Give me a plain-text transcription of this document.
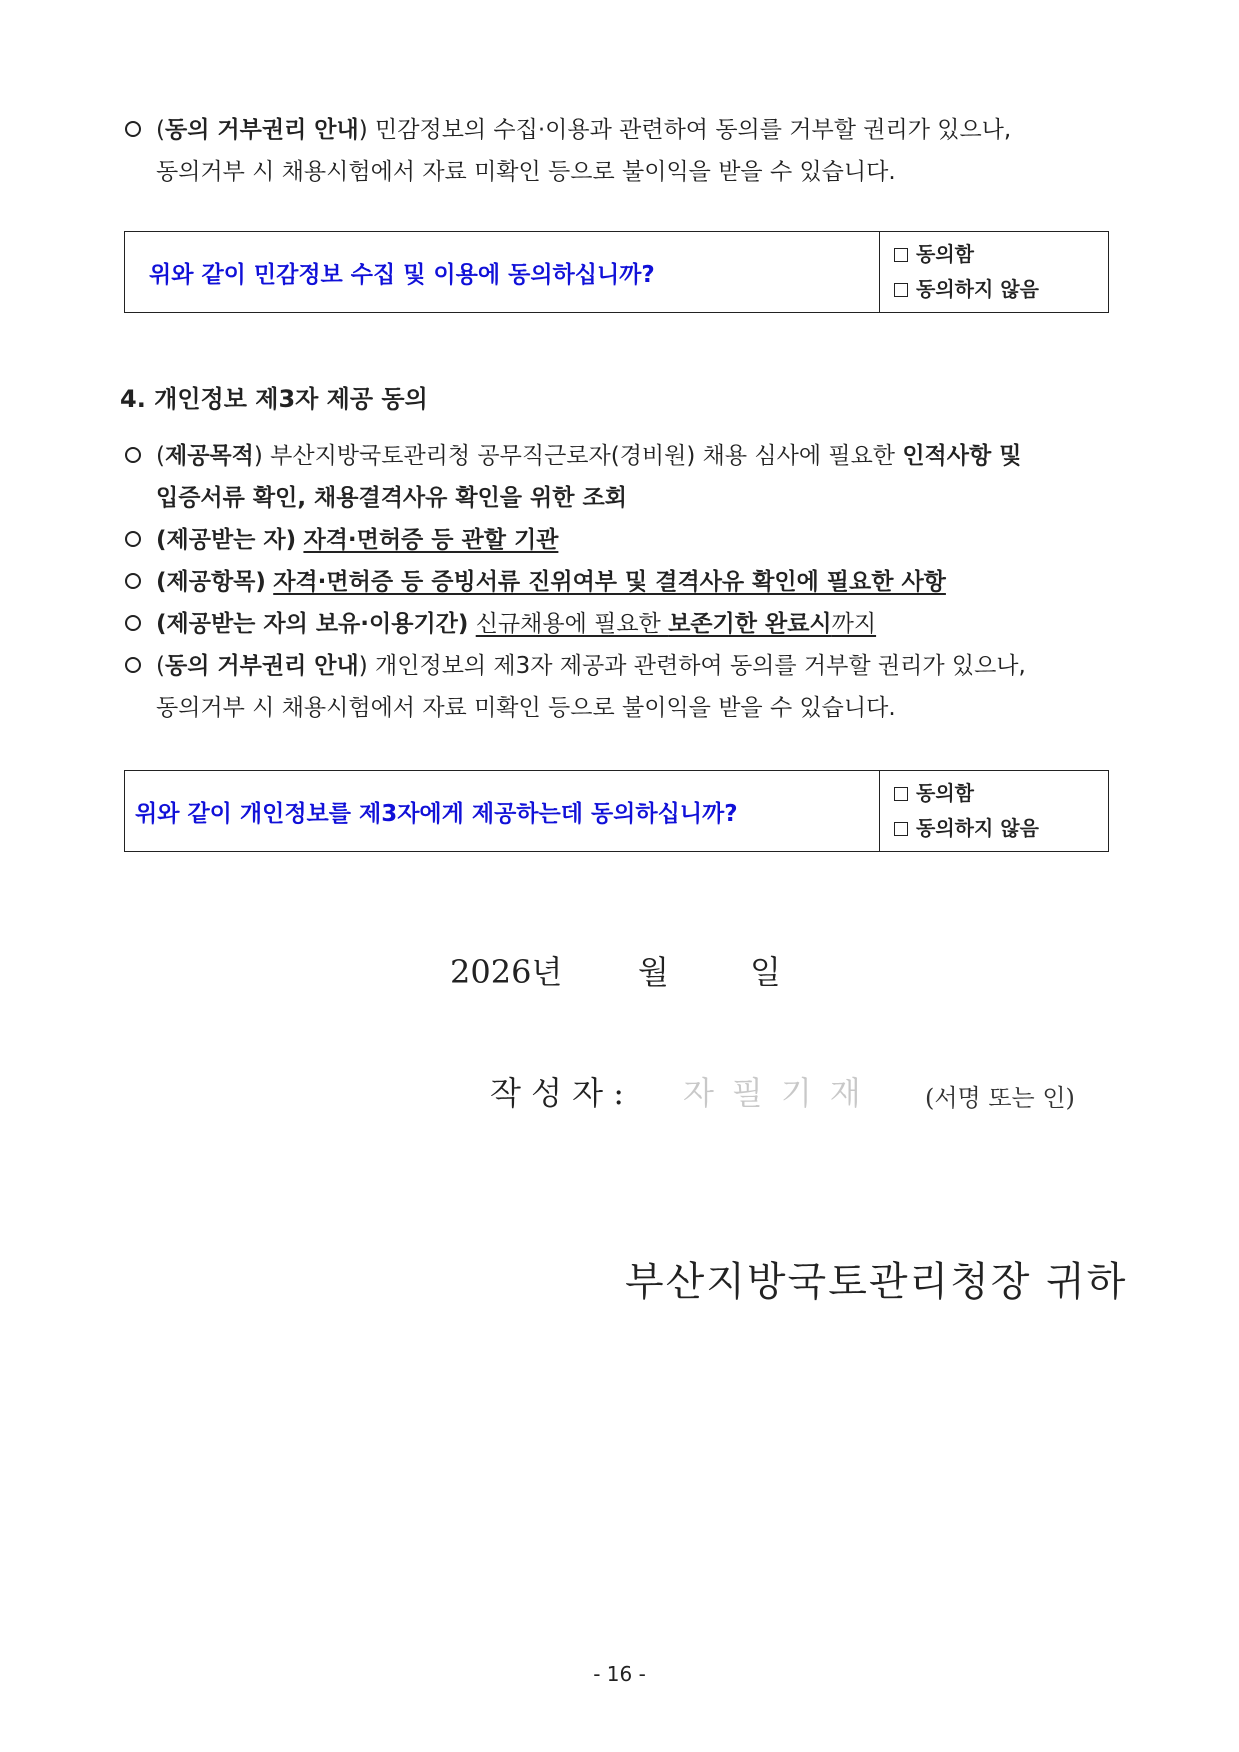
(동의 거부권리 안내) 민감정보의 수집·이용과 관련하여 동의를 거부할 권리가 있으나,
동의거부 시 채용시험에서 자료 미확인 등으로 불이익을 받을 수 있습니다.
위와 같이 민감정보 수집 및 이용에 동의하십니까?
동의함
동의하지 않음
4. 개인정보 제3자 제공 동의
(제공목적) 부산지방국토관리청 공무직근로자(경비원) 채용 심사에 필요한 인적사항 및
입증서류 확인, 채용결격사유 확인을 위한 조회
(제공받는 자) 자격·면허증 등 관할 기관
(제공항목) 자격·면허증 등 증빙서류 진위여부 및 결격사유 확인에 필요한 사항
(제공받는 자의 보유·이용기간) 신규채용에 필요한 보존기한 완료시까지
(동의 거부권리 안내) 개인정보의 제3자 제공과 관련하여 동의를 거부할 권리가 있으나,
동의거부 시 채용시험에서 자료 미확인 등으로 불이익을 받을 수 있습니다.
위와 같이 개인정보를 제3자에게 제공하는데 동의하십니까?
동의함
동의하지 않음
2026년 월	일
작 성 자 : 자필기재 (서명 또는 인)
부산지방국토관리청장 귀하
- 16 -
